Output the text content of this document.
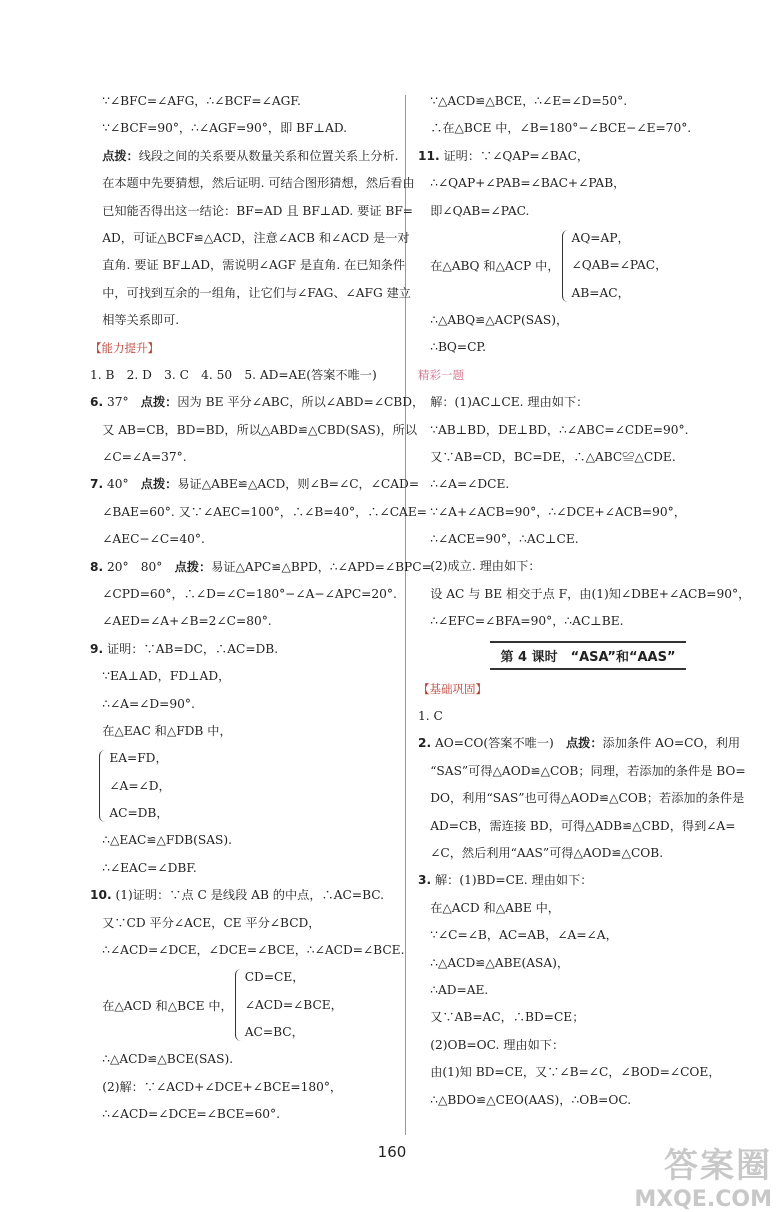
∵∠BFC=∠AFG，∴∠BCF=∠AGF.
∵∠BCF=90°，∴∠AGF=90°，即 BF⊥AD.
点拨：线段之间的关系要从数量关系和位置关系上分析.
在本题中先要猜想，然后证明. 可结合图形猜想，然后看由
已知能否得出这一结论：BF=AD 且 BF⊥AD. 要证 BF=
AD，可证△BCF≌△ACD，注意∠ACB 和∠ACD 是一对
直角. 要证 BF⊥AD，需说明∠AGF 是直角. 在已知条件
中，可找到互余的一组角，让它们与∠FAG、∠AFG 建立
相等关系即可.
【能力提升】
1. B　2. D　3. C　4. 50　5. AD=AE(答案不唯一)
6. 37°　点拨：因为 BE 平分∠ABC，所以∠ABD=∠CBD，
又 AB=CB，BD=BD，所以△ABD≌△CBD(SAS)，所以
∠C=∠A=37°.
7. 40°　点拨：易证△ABE≌△ACD，则∠B=∠C，∠CAD=
∠BAE=60°. 又∵∠AEC=100°，∴∠B=40°，∴∠CAE=
∠AEC−∠C=40°.
8. 20°　80°　点拨：易证△APC≌△BPD，∴∠APD=∠BPC=
∠CPD=60°，∴∠D=∠C=180°−∠A−∠APC=20°.
∠AED=∠A+∠B=2∠C=80°.
9. 证明：∵AB=DC，∴AC=DB.
∵EA⊥AD，FD⊥AD，
∴∠A=∠D=90°.
在△EAC 和△FDB 中，
EA=FD，
∠A=∠D，
AC=DB，
∴△EAC≌△FDB(SAS).
∴∠EAC=∠DBF.
10. (1)证明：∵点 C 是线段 AB 的中点，∴AC=BC.
又∵CD 平分∠ACE，CE 平分∠BCD，
∴∠ACD=∠DCE，∠DCE=∠BCE，∴∠ACD=∠BCE.
在△ACD 和△BCE 中，
CD=CE，
∠ACD=∠BCE，
AC=BC，
∴△ACD≌△BCE(SAS).
(2)解：∵∠ACD+∠DCE+∠BCE=180°，
∴∠ACD=∠DCE=∠BCE=60°.
∵△ACD≌△BCE，∴∠E=∠D=50°.
∴在△BCE 中，∠B=180°−∠BCE−∠E=70°.
11. 证明：∵∠QAP=∠BAC，
∴∠QAP+∠PAB=∠BAC+∠PAB，
即∠QAB=∠PAC.
在△ABQ 和△ACP 中，
AQ=AP，
∠QAB=∠PAC，
AB=AC，
∴△ABQ≌△ACP(SAS)，
∴BQ=CP.
精彩一题
解：(1)AC⊥CE. 理由如下：
∵AB⊥BD，DE⊥BD，∴∠ABC=∠CDE=90°.
又∵AB=CD，BC=DE，∴△ABC≌△CDE.
∴∠A=∠DCE.
∵∠A+∠ACB=90°，∴∠DCE+∠ACB=90°，
∴∠ACE=90°，∴AC⊥CE.
(2)成立. 理由如下：
设 AC 与 BE 相交于点 F，由(1)知∠DBE+∠ACB=90°，
∴∠EFC=∠BFA=90°，∴AC⊥BE.
第 4 课时　“ASA”和“AAS”
【基础巩固】
1. C
2. AO=CO(答案不唯一)　点拨：添加条件 AO=CO，利用
“SAS”可得△AOD≌△COB；同理，若添加的条件是 BO=
DO，利用“SAS”也可得△AOD≌△COB；若添加的条件是
AD=CB，需连接 BD，可得△ADB≌△CBD，得到∠A=
∠C，然后利用“AAS”可得△AOD≌△COB.
3. 解：(1)BD=CE. 理由如下：
在△ACD 和△ABE 中，
∵∠C=∠B，AC=AB，∠A=∠A，
∴△ACD≌△ABE(ASA)，
∴AD=AE.
又∵AB=AC，∴BD=CE；
(2)OB=OC. 理由如下：
由(1)知 BD=CE，又∵∠B=∠C，∠BOD=∠COE，
∴△BDO≌△CEO(AAS)，∴OB=OC.
160	答案圈
MXQE.COM
